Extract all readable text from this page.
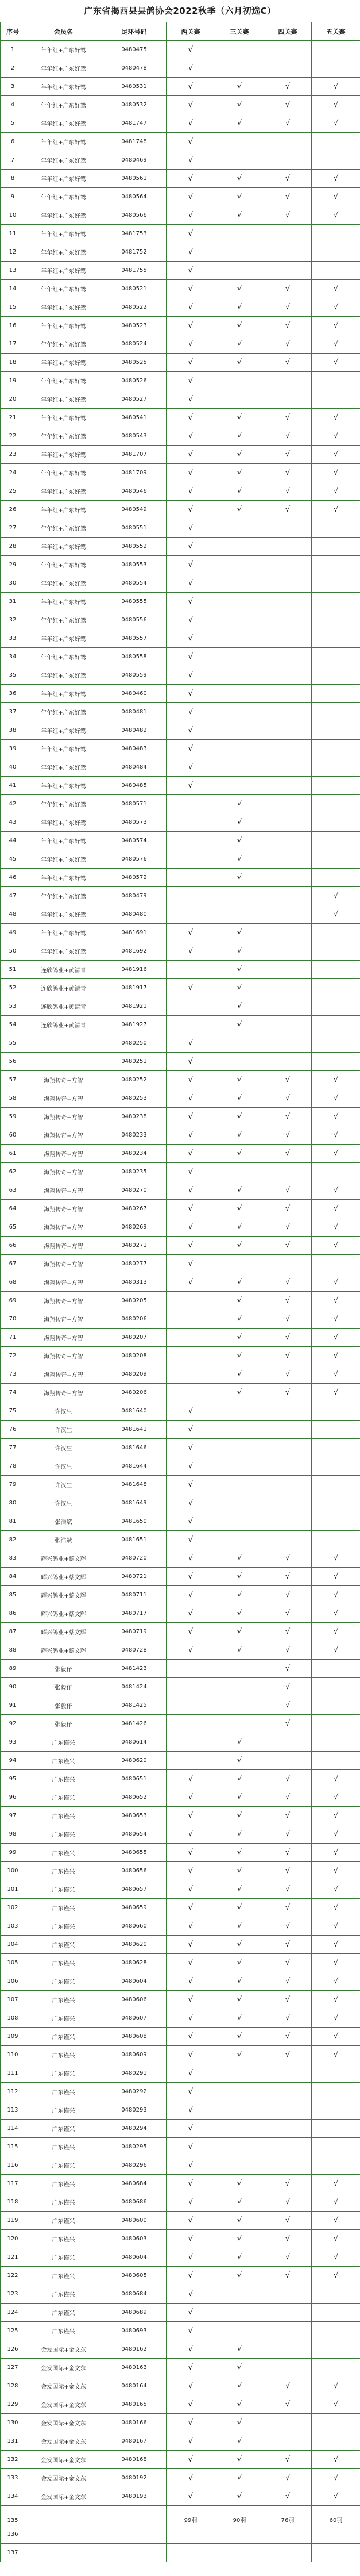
广东省揭西县县鸽协会2022秋季（六月初选C）
序号	会员名	足环号码	两关赛	三关赛	四关赛	五关赛
1	年年红+广东好鸳	0480475	√			
2	年年红+广东好鸳	0480478	√			
3	年年红+广东好鸳	0480531	√	√	√	√
4	年年红+广东好鸳	0480532	√	√	√	√
5	年年红+广东好鸳	0481747	√	√	√	√
6	年年红+广东好鸳	0481748	√			
7	年年红+广东好鸳	0480469	√			
8	年年红+广东好鸳	0480561	√	√	√	√
9	年年红+广东好鸳	0480564	√	√	√	√
10	年年红+广东好鸳	0480566	√	√	√	√
11	年年红+广东好鸳	0481753	√			
12	年年红+广东好鸳	0481752	√			
13	年年红+广东好鸳	0481755	√			
14	年年红+广东好鸳	0480521	√	√	√	√
15	年年红+广东好鸳	0480522	√	√	√	√
16	年年红+广东好鸳	0480523	√	√	√	√
17	年年红+广东好鸳	0480524	√	√	√	√
18	年年红+广东好鸳	0480525	√	√	√	√
19	年年红+广东好鸳	0480526	√			
20	年年红+广东好鸳	0480527	√			
21	年年红+广东好鸳	0480541	√	√	√	√
22	年年红+广东好鸳	0480543	√	√	√	√
23	年年红+广东好鸳	0481707	√	√	√	√
24	年年红+广东好鸳	0481709	√	√	√	√
25	年年红+广东好鸳	0480546	√	√	√	√
26	年年红+广东好鸳	0480549	√	√	√	√
27	年年红+广东好鸳	0480551	√			
28	年年红+广东好鸳	0480552	√			
29	年年红+广东好鸳	0480553	√			
30	年年红+广东好鸳	0480554	√			
31	年年红+广东好鸳	0480555	√			
32	年年红+广东好鸳	0480556	√			
33	年年红+广东好鸳	0480557	√			
34	年年红+广东好鸳	0480558	√			
35	年年红+广东好鸳	0480559	√			
36	年年红+广东好鸳	0480460	√			
37	年年红+广东好鸳	0480481	√			
38	年年红+广东好鸳	0480482	√			
39	年年红+广东好鸳	0480483	√			
40	年年红+广东好鸳	0480484	√			
41	年年红+广东好鸳	0480485	√			
42	年年红+广东好鸳	0480571		√		
43	年年红+广东好鸳	0480573		√		
44	年年红+广东好鸳	0480574		√		
45	年年红+广东好鸳	0480576		√		
46	年年红+广东好鸳	0480572		√		
47	年年红+广东好鸳	0480479				√
48	年年红+广东好鸳	0480480				√
49	年年红+广东好鸳	0481691	√	√		
50	年年红+广东好鸳	0481692	√	√		
51	连欣鸽业+黄清青	0481916		√		
52	连欣鸽业+黄清青	0481917	√	√		
53	连欣鸽业+黄清青	0481921		√		
54	连欣鸽业+黄清青	0481927		√		
55		0480250	√			
56		0480251	√			
57	海翔传奇+方智	0480252	√	√	√	√
58	海翔传奇+方智	0480253	√	√	√	√
59	海翔传奇+方智	0480238	√	√	√	√
60	海翔传奇+方智	0480233	√	√	√	√
61	海翔传奇+方智	0480234	√	√	√	√
62	海翔传奇+方智	0480235	√			
63	海翔传奇+方智	0480270	√	√	√	√
64	海翔传奇+方智	0480267	√	√	√	√
65	海翔传奇+方智	0480269	√	√	√	√
66	海翔传奇+方智	0480271	√	√	√	√
67	海翔传奇+方智	0480277	√			
68	海翔传奇+方智	0480313	√	√	√	√
69	海翔传奇+方智	0480205		√	√	√
70	海翔传奇+方智	0480206		√	√	√
71	海翔传奇+方智	0480207		√	√	√
72	海翔传奇+方智	0480208		√	√	√
73	海翔传奇+方智	0480209		√	√	√
74	海翔传奇+方智	0480206		√	√	√
75	许汉生	0481640	√			
76	许汉生	0481641	√			
77	许汉生	0481646	√			
78	许汉生	0481644	√			
79	许汉生	0481648	√			
80	许汉生	0481649	√			
81	张浩斌	0481650	√			
82	张浩斌	0481651	√			
83	辉兴鸽业+蔡文辉	0480720	√	√	√	√
84	辉兴鸽业+蔡文辉	0480721	√	√	√	√
85	辉兴鸽业+蔡文辉	0480711	√	√	√	√
86	辉兴鸽业+蔡文辉	0480717	√	√	√	√
87	辉兴鸽业+蔡文辉	0480719	√	√	√	√
88	辉兴鸽业+蔡文辉	0480728	√	√	√	√
89	张毅仔	0481423			√	
90	张毅仔	0481424			√	
91	张毅仔	0481425			√	
92	张毅仔	0481426			√	
93	广东谨兴	0480614		√		
94	广东谨兴	0480620		√		
95	广东谨兴	0480651	√	√	√	√
96	广东谨兴	0480652	√	√	√	√
97	广东谨兴	0480653	√	√	√	√
98	广东谨兴	0480654	√	√	√	√
99	广东谨兴	0480655	√	√	√	√
100	广东谨兴	0480656	√	√	√	√
101	广东谨兴	0480657	√	√	√	√
102	广东谨兴	0480659	√	√	√	√
103	广东谨兴	0480660	√	√	√	√
104	广东谨兴	0480620	√	√	√	√
105	广东谨兴	0480628	√	√	√	√
106	广东谨兴	0480604	√	√	√	√
107	广东谨兴	0480606	√	√	√	√
108	广东谨兴	0480607	√	√	√	√
109	广东谨兴	0480608	√	√	√	√
110	广东谨兴	0480609	√	√	√	√
111	广东谨兴	0480291	√			
112	广东谨兴	0480292	√			
113	广东谨兴	0480293	√			
114	广东谨兴	0480294	√			
115	广东谨兴	0480295	√			
116	广东谨兴	0480296	√			
117	广东谨兴	0480684	√	√	√	√
118	广东谨兴	0480686	√	√	√	√
119	广东谨兴	0480600	√	√	√	√
120	广东谨兴	0480603	√	√	√	√
121	广东谨兴	0480604	√	√	√	√
122	广东谨兴	0480605	√	√	√	√
123	广东谨兴	0480684	√			
124	广东谨兴	0480689	√			
125	广东谨兴	0480693	√			
126	金发国际+金文东	0480162	√	√		
127	金发国际+金文东	0480163	√	√		
128	金发国际+金文东	0480164	√	√	√	√
129	金发国际+金文东	0480165	√	√	√	√
130	金发国际+金文东	0480166	√	√		
131	金发国际+金文东	0480167	√	√		
132	金发国际+金文东	0480168	√	√	√	√
133	金发国际+金文东	0480192	√	√	√	√
134	金发国际+金文东	0480193	√	√	√	√
135			99羽	90羽	76羽	60羽
136						
137						
